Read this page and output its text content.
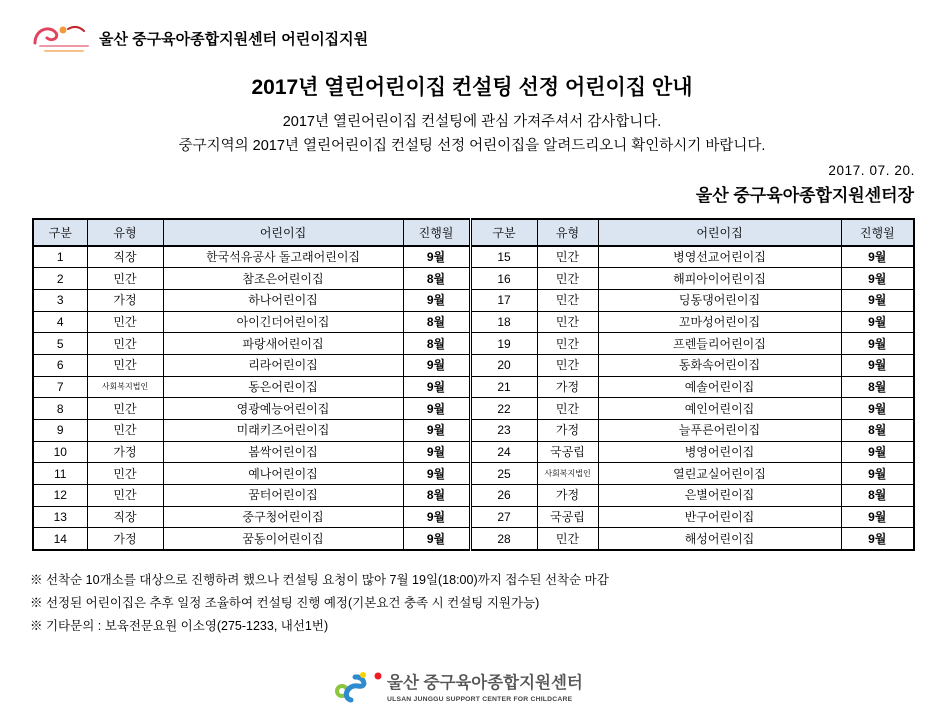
울산 중구육아종합지원센터 어린이집지원
2017년 열린어린이집 컨설팅 선정 어린이집 안내
2017년 열린어린이집 컨설팅에 관심 가져주셔서 감사합니다.
중구지역의 2017년 열린어린이집 컨설팅 선정 어린이집을 알려드리오니 확인하시기 바랍니다.
2017. 07. 20.
울산 중구육아종합지원센터장
구분	유형	어린이집	진행월	구분	유형	어린이집	진행월
1	직장	한국석유공사 돌고래어린이집	9월	15	민간	병영선교어린이집	9월
2	민간	참조은어린이집	8월	16	민간	해피아이어린이집	9월
3	가정	하나어린이집	9월	17	민간	딩동댕어린이집	9월
4	민간	아이긴더어린이집	8월	18	민간	꼬마성어린이집	9월
5	민간	파랑새어린이집	8월	19	민간	프렌들리어린이집	9월
6	민간	리라어린이집	9월	20	민간	동화속어린이집	9월
7	사회복지법인	동은어린이집	9월	21	가정	예솔어린이집	8월
8	민간	영광예능어린이집	9월	22	민간	예인어린이집	9월
9	민간	미래키즈어린이집	9월	23	가정	늘푸른어린이집	8월
10	가정	봄싹어린이집	9월	24	국공립	병영어린이집	9월
11	민간	예나어린이집	9월	25	사회복지법인	열린교실어린이집	9월
12	민간	꿈터어린이집	8월	26	가정	은별어린이집	8월
13	직장	중구청어린이집	9월	27	국공립	반구어린이집	9월
14	가정	꿈동이어린이집	9월	28	민간	해성어린이집	9월
※ 선착순 10개소를 대상으로 진행하려 했으나 컨설팅 요청이 많아 7월 19일(18:00)까지 접수된 선착순 마감
※ 선정된 어린이집은 추후 일정 조율하여 컨설팅 진행 예정(기본요건 충족 시 컨설팅 지원가능)
※ 기타문의 : 보육전문요원 이소영(275-1233, 내선1번)
울산 중구육아종합지원센터
ULSAN JUNGGU SUPPORT CENTER FOR CHILDCARE
